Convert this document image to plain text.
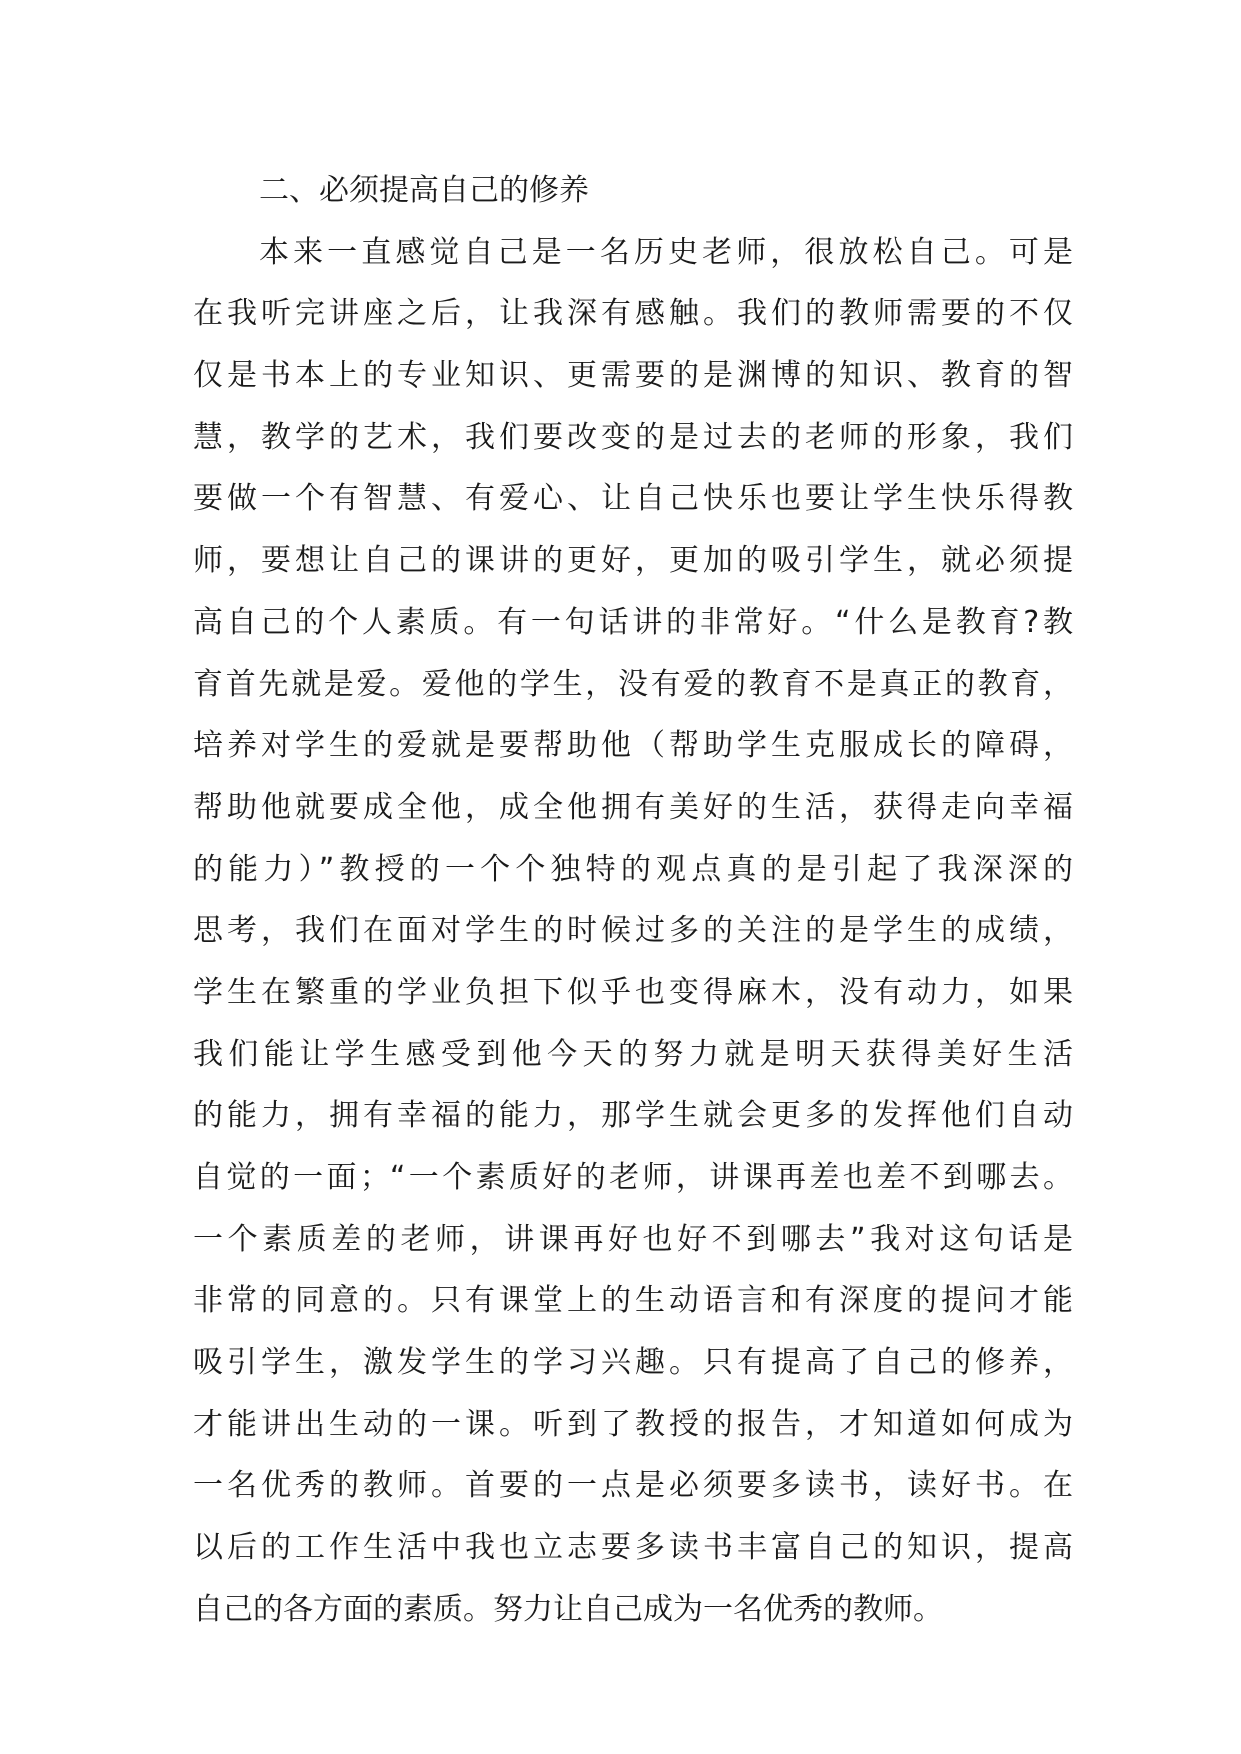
二、必须提高自己的修养
本来一直感觉自己是一名历史老师，很放松自己。可是
在我听完讲座之后，让我深有感触。我们的教师需要的不仅
仅是书本上的专业知识、更需要的是渊博的知识、教育的智
慧，教学的艺术，我们要改变的是过去的老师的形象，我们
要做一个有智慧、有爱心、让自己快乐也要让学生快乐得教
师，要想让自己的课讲的更好，更加的吸引学生，就必须提
高自己的个人素质。有一句话讲的非常好。“什么是教育?教
育首先就是爱。爱他的学生，没有爱的教育不是真正的教育，
培养对学生的爱就是要帮助他（帮助学生克服成长的障碍，
帮助他就要成全他，成全他拥有美好的生活，获得走向幸福
的能力）”教授的一个个独特的观点真的是引起了我深深的
思考，我们在面对学生的时候过多的关注的是学生的成绩，
学生在繁重的学业负担下似乎也变得麻木，没有动力，如果
我们能让学生感受到他今天的努力就是明天获得美好生活
的能力，拥有幸福的能力，那学生就会更多的发挥他们自动
自觉的一面；“一个素质好的老师，讲课再差也差不到哪去。
一个素质差的老师，讲课再好也好不到哪去”我对这句话是
非常的同意的。只有课堂上的生动语言和有深度的提问才能
吸引学生，激发学生的学习兴趣。只有提高了自己的修养，
才能讲出生动的一课。听到了教授的报告，才知道如何成为
一名优秀的教师。首要的一点是必须要多读书，读好书。在
以后的工作生活中我也立志要多读书丰富自己的知识，提高
自己的各方面的素质。努力让自己成为一名优秀的教师。
